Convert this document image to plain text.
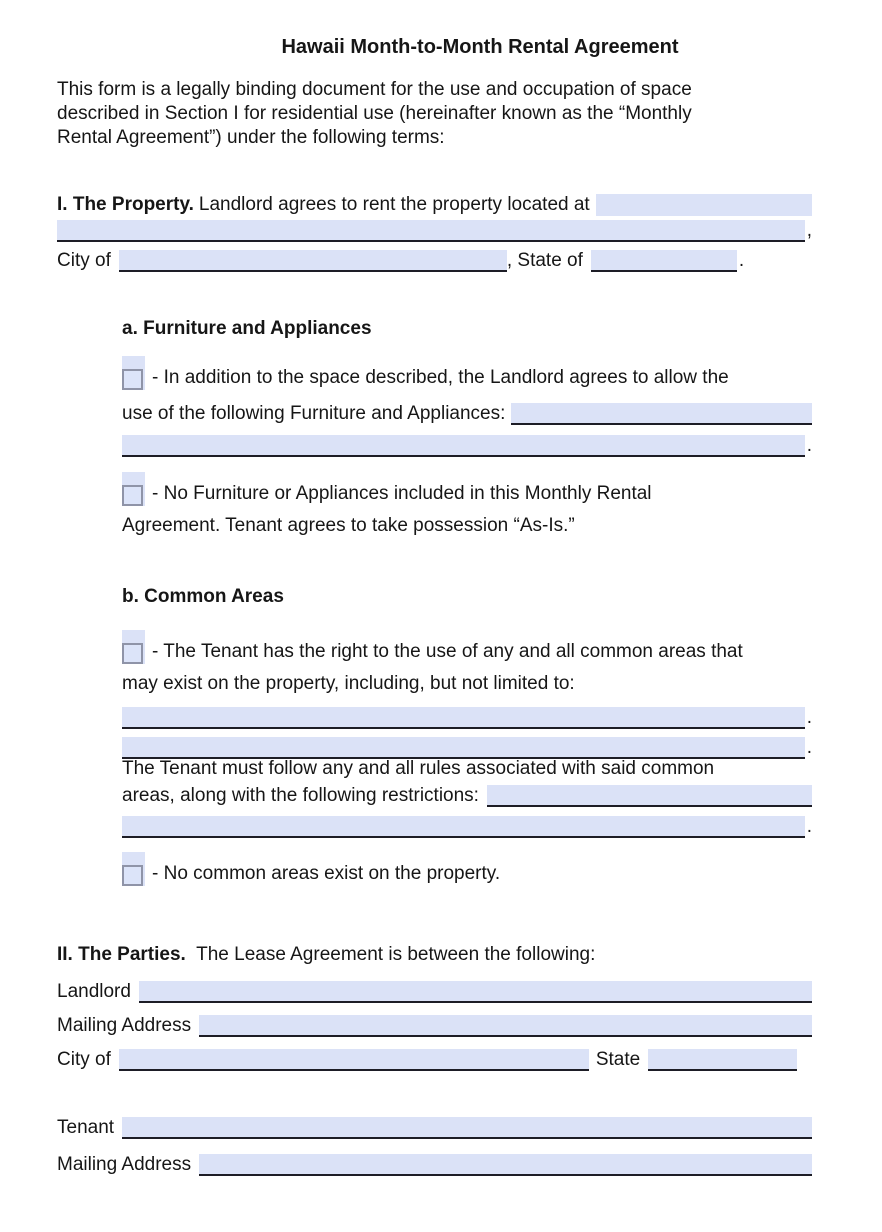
Hawaii Month-to-Month Rental Agreement
This form is a legally binding document for the use and occupation of space
described in Section I for residential use (hereinafter known as the “Monthly
Rental Agreement”) under the following terms:
I. The Property. Landlord agrees to rent the property located at
,
City of	, State of	.
a. Furniture and Appliances
- In addition to the space described, the Landlord agrees to allow the
use of the following Furniture and Appliances:
.
- No Furniture or Appliances included in this Monthly Rental
Agreement. Tenant agrees to take possession “As-Is.”
b. Common Areas
- The Tenant has the right to the use of any and all common areas that
may exist on the property, including, but not limited to:
.
.
The Tenant must follow any and all rules associated with said common
areas, along with the following restrictions:
.
- No common areas exist on the property.
II. The Parties. The Lease Agreement is between the following:
Landlord
Mailing Address
City of	State
Tenant
Mailing Address
